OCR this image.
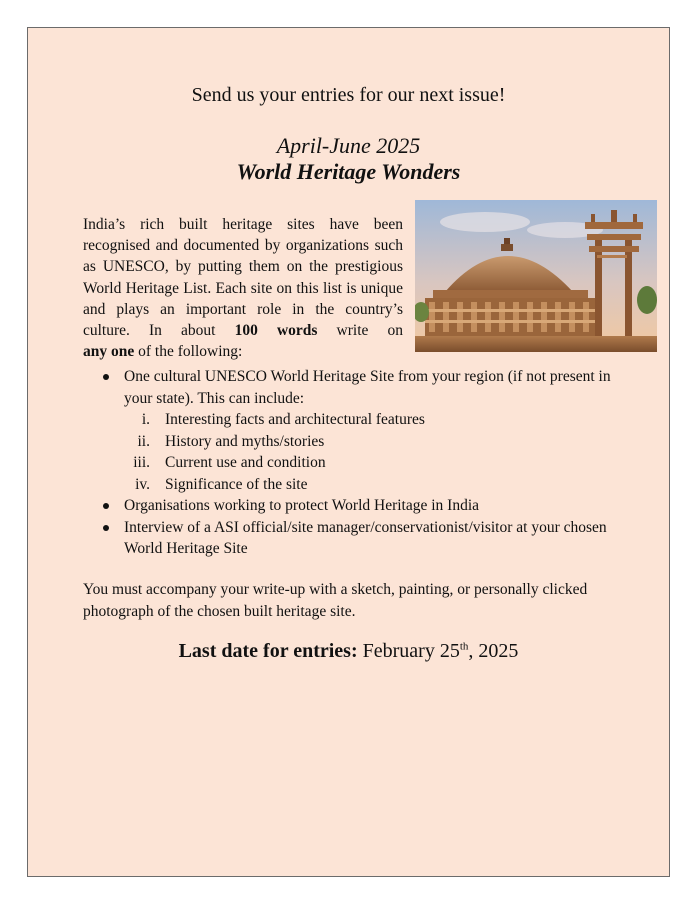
Send us your entries for our next issue!
April-June 2025
World Heritage Wonders
India’s rich built heritage sites have been recognised and documented by organizations such as UNESCO, by putting them on the prestigious World Heritage List. Each site on this list is unique and plays an important role in the country’s culture. In about 100 words write on any one of the following:
One cultural UNESCO World Heritage Site from your region (if not present in your state). This can include:
i. Interesting facts and architectural features
ii. History and myths/stories
iii. Current use and condition
iv. Significance of the site
Organisations working to protect World Heritage in India
Interview of a ASI official/site manager/conservationist/visitor at your chosen World Heritage Site
You must accompany your write-up with a sketch, painting, or personally clicked photograph of the chosen built heritage site.
Last date for entries: February 25th, 2025
